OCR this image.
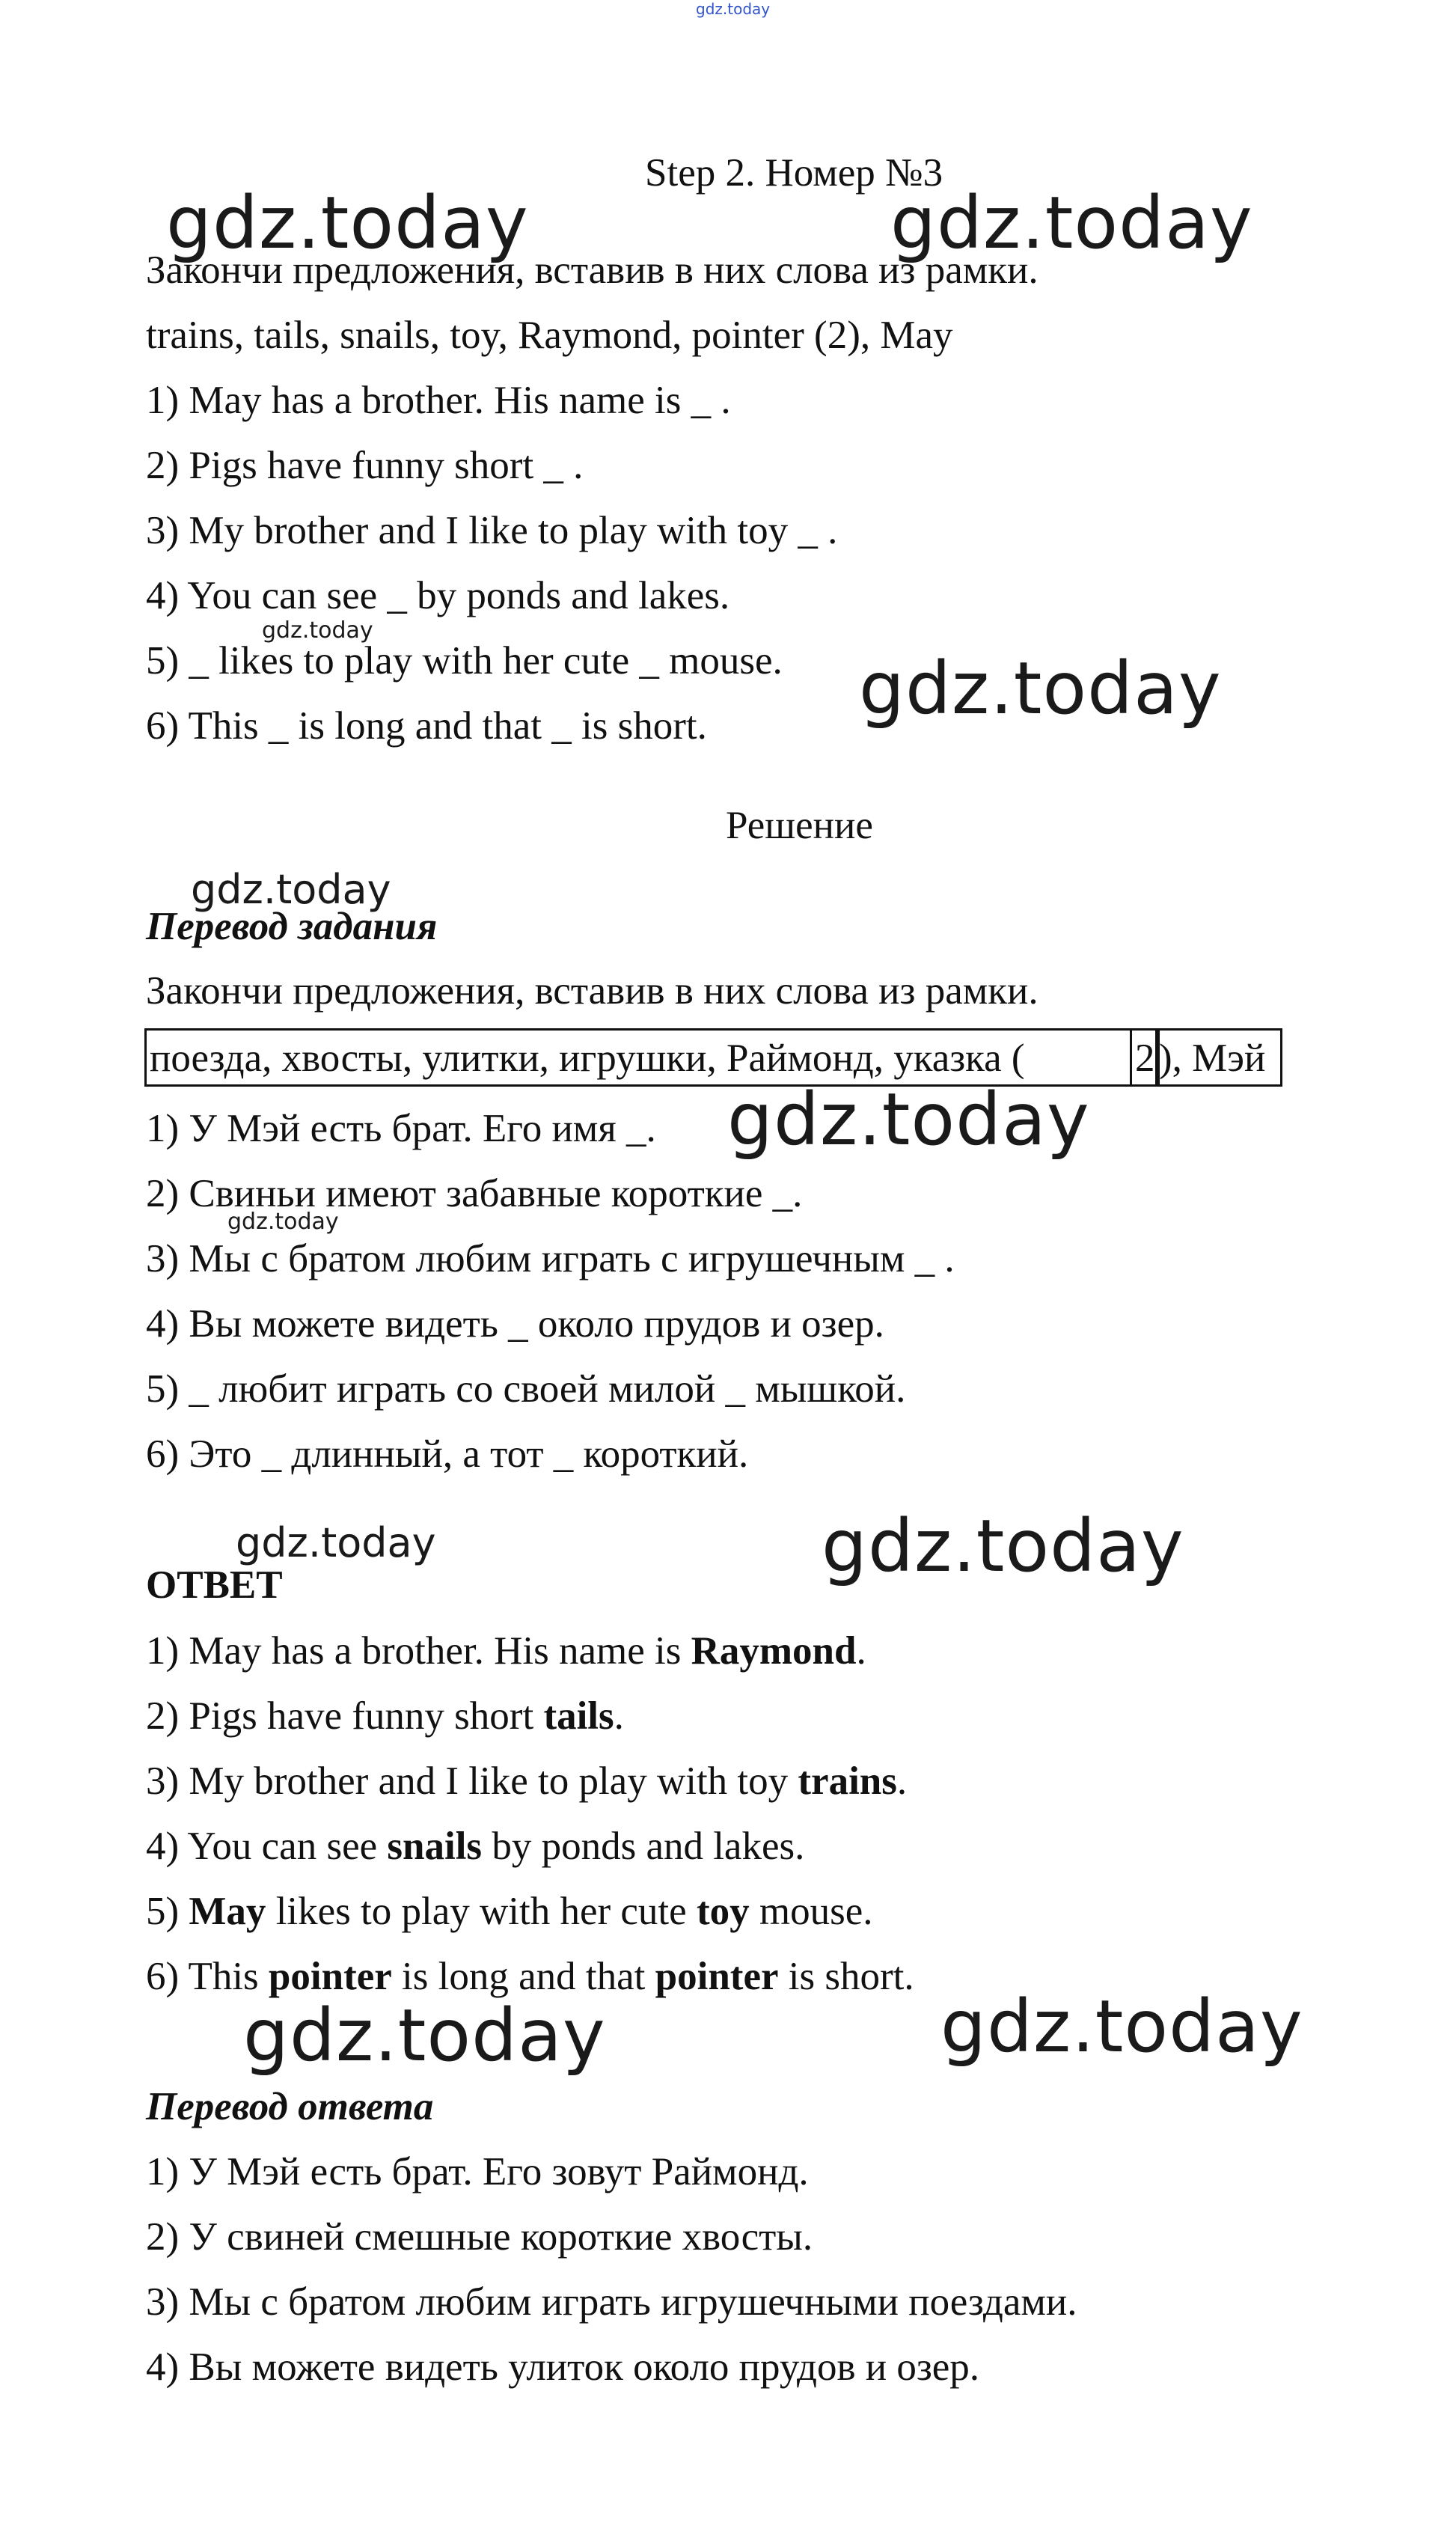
gdz.today
gdz.today	gdz.today
gdz.today
gdz.today
gdz.today
gdz.today
gdz.today
gdz.today	gdz.today
gdz.today	gdz.today
Step 2. Номер №3
Закончи предложения, вставив в них слова из рамки.
trains, tails, snails, toy, Raymond, pointer (2), May
1) May has a brother. His name is _ .
2) Pigs have funny short _ .
3) My brother and I like to play with toy _ .
4) You can see _ by ponds and lakes.
5) _ likes to play with her cute _ mouse.
6) This _ is long and that _ is short.
Решение
Перевод задания
Закончи предложения, вставив в них слова из рамки.
поезда, хвосты, улитки, игрушки, Раймонд, указка (	2 ), Мэй
1) У Мэй есть брат. Его имя _.
2) Свиньи имеют забавные короткие _.
3) Мы с братом любим играть с игрушечным _ .
4) Вы можете видеть _ около прудов и озер.
5) _ любит играть со своей милой _ мышкой.
6) Это _ длинный, а тот _ короткий.
ОТВЕТ
1) May has a brother. His name is Raymond.
2) Pigs have funny short tails.
3) My brother and I like to play with toy trains.
4) You can see snails by ponds and lakes.
5) May likes to play with her cute toy mouse.
6) This pointer is long and that pointer is short.
Перевод ответа
1) У Мэй есть брат. Его зовут Раймонд.
2) У свиней смешные короткие хвосты.
3) Мы с братом любим играть игрушечными поездами.
4) Вы можете видеть улиток около прудов и озер.
